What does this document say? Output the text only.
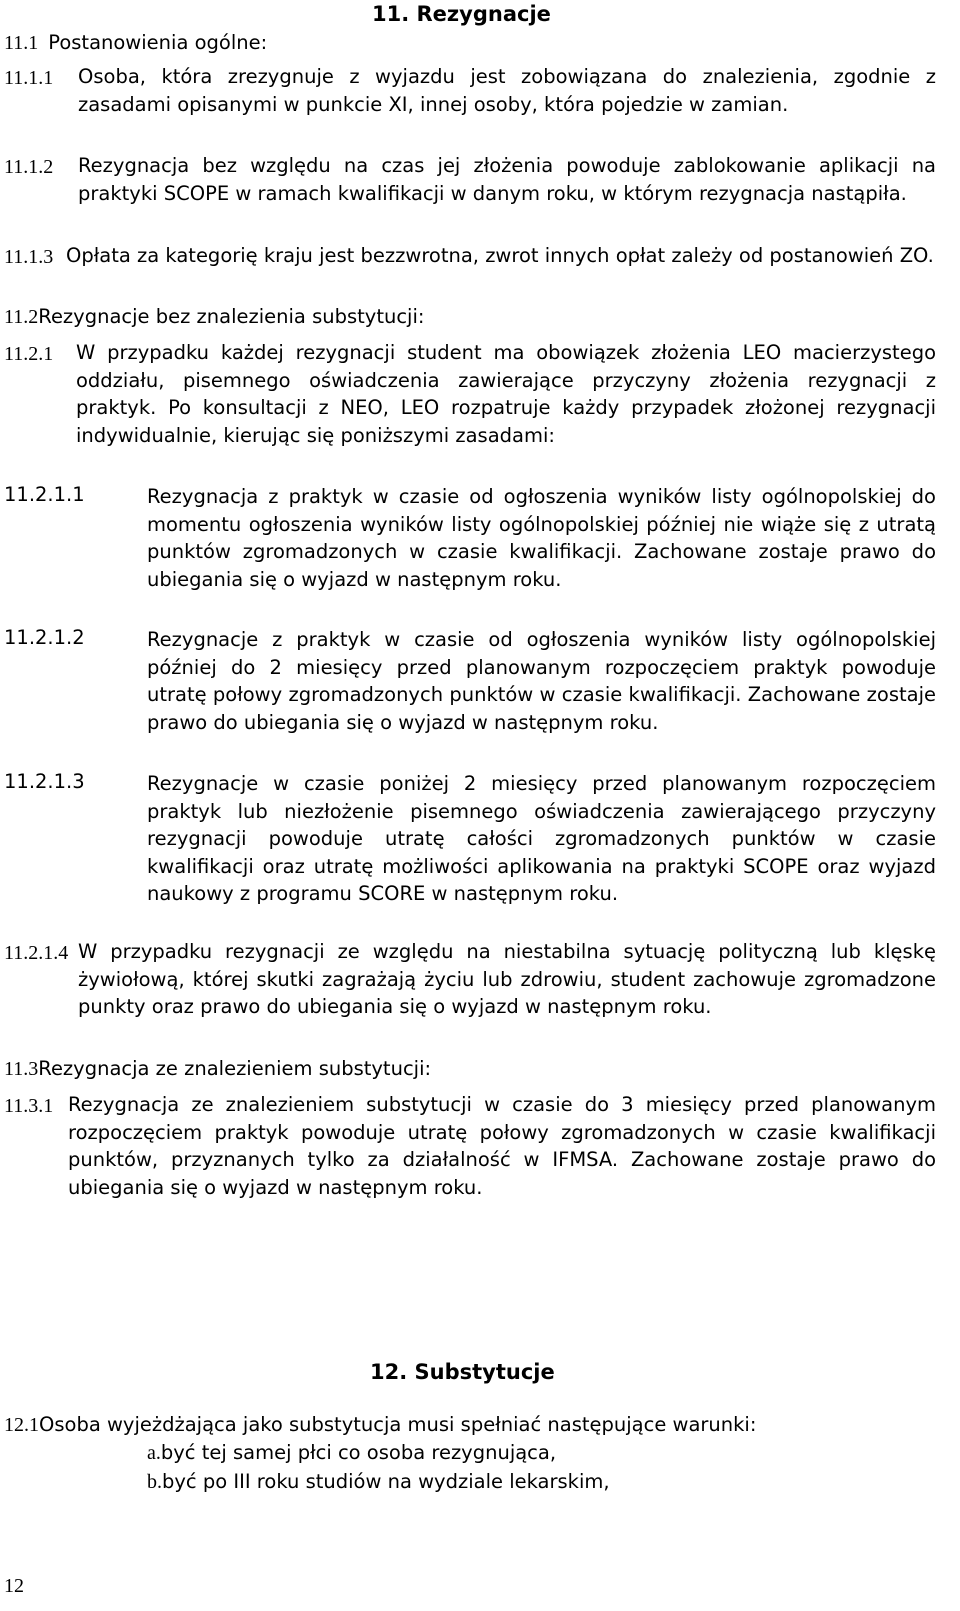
11. Rezygnacje
11.1 Postanowienia ogólne:
11.1.1 Osoba, która zrezygnuje z wyjazdu jest zobowiązana do znalezienia, zgodnie z zasadami opisanymi w punkcie XI, innej osoby, która pojedzie w zamian.
11.1.2 Rezygnacja bez względu na czas jej złożenia powoduje zablokowanie aplikacji na praktyki SCOPE w ramach kwalifikacji w danym roku, w którym rezygnacja nastąpiła.
11.1.3 Opłata za kategorię kraju jest bezzwrotna, zwrot innych opłat zależy od postanowień ZO.
11.2Rezygnacje bez znalezienia substytucji:
11.2.1 W przypadku każdej rezygnacji student ma obowiązek złożenia LEO macierzystego oddziału, pisemnego oświadczenia zawierające przyczyny złożenia rezygnacji z praktyk. Po konsultacji z NEO, LEO rozpatruje każdy przypadek złożonej rezygnacji indywidualnie, kierując się poniższymi zasadami:
11.2.1.1	Rezygnacja z praktyk w czasie od ogłoszenia wyników listy ogólnopolskiej do momentu ogłoszenia wyników listy ogólnopolskiej później nie wiąże się z utratą punktów zgromadzonych w czasie kwalifikacji. Zachowane zostaje prawo do ubiegania się o wyjazd w następnym roku.
11.2.1.2	Rezygnacje z praktyk w czasie od ogłoszenia wyników listy ogólnopolskiej później do 2 miesięcy przed planowanym rozpoczęciem praktyk powoduje utratę połowy zgromadzonych punktów w czasie kwalifikacji. Zachowane zostaje prawo do ubiegania się o wyjazd w następnym roku.
11.2.1.3	Rezygnacje w czasie poniżej 2 miesięcy przed planowanym rozpoczęciem praktyk lub niezłożenie pisemnego oświadczenia zawierającego przyczyny rezygnacji powoduje utratę całości zgromadzonych punktów w czasie kwalifikacji oraz utratę możliwości aplikowania na praktyki SCOPE oraz wyjazd naukowy z programu SCORE w następnym roku.
11.2.1.4 W przypadku rezygnacji ze względu na niestabilna sytuację polityczną lub klęskę żywiołową, której skutki zagrażają życiu lub zdrowiu, student zachowuje zgromadzone punkty oraz prawo do ubiegania się o wyjazd w następnym roku.
11.3Rezygnacja ze znalezieniem substytucji:
11.3.1 Rezygnacja ze znalezieniem substytucji w czasie do 3 miesięcy przed planowanym rozpoczęciem praktyk powoduje utratę połowy zgromadzonych w czasie kwalifikacji punktów, przyznanych tylko za działalność w IFMSA. Zachowane zostaje prawo do ubiegania się o wyjazd w następnym roku.
12. Substytucje
12.1Osoba wyjeżdżająca jako substytucja musi spełniać następujące warunki:
a.być tej samej płci co osoba rezygnująca,
b.być po III roku studiów na wydziale lekarskim,
12
